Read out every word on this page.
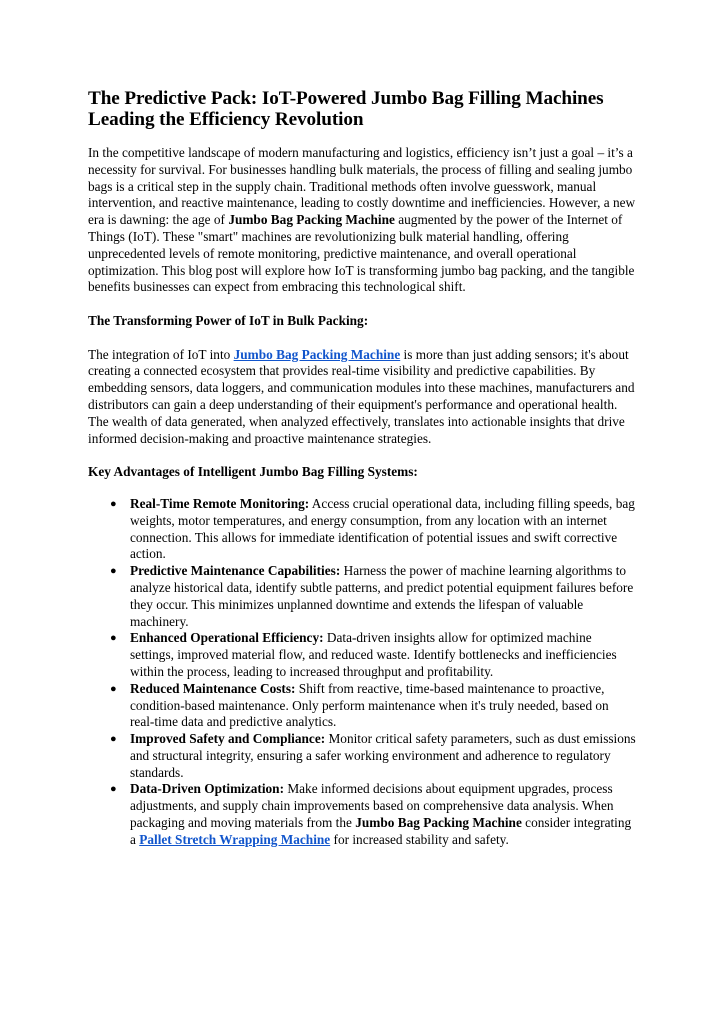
The Predictive Pack: IoT-Powered Jumbo Bag Filling Machines Leading the Efficiency Revolution

In the competitive landscape of modern manufacturing and logistics, efficiency isn’t just a goal – it’s a necessity for survival. For businesses handling bulk materials, the process of filling and sealing jumbo bags is a critical step in the supply chain. Traditional methods often involve guesswork, manual intervention, and reactive maintenance, leading to costly downtime and inefficiencies. However, a new era is dawning: the age of Jumbo Bag Packing Machine augmented by the power of the Internet of Things (IoT). These "smart" machines are revolutionizing bulk material handling, offering unprecedented levels of remote monitoring, predictive maintenance, and overall operational optimization. This blog post will explore how IoT is transforming jumbo bag packing, and the tangible benefits businesses can expect from embracing this technological shift.

The Transforming Power of IoT in Bulk Packing:

The integration of IoT into Jumbo Bag Packing Machine is more than just adding sensors; it's about creating a connected ecosystem that provides real-time visibility and predictive capabilities. By embedding sensors, data loggers, and communication modules into these machines, manufacturers and distributors can gain a deep understanding of their equipment's performance and operational health. The wealth of data generated, when analyzed effectively, translates into actionable insights that drive informed decision-making and proactive maintenance strategies.

Key Advantages of Intelligent Jumbo Bag Filling Systems:

● Real-Time Remote Monitoring: Access crucial operational data, including filling speeds, bag weights, motor temperatures, and energy consumption, from any location with an internet connection. This allows for immediate identification of potential issues and swift corrective action.
● Predictive Maintenance Capabilities: Harness the power of machine learning algorithms to analyze historical data, identify subtle patterns, and predict potential equipment failures before they occur. This minimizes unplanned downtime and extends the lifespan of valuable machinery.
● Enhanced Operational Efficiency: Data-driven insights allow for optimized machine settings, improved material flow, and reduced waste. Identify bottlenecks and inefficiencies within the process, leading to increased throughput and profitability.
● Reduced Maintenance Costs: Shift from reactive, time-based maintenance to proactive, condition-based maintenance. Only perform maintenance when it's truly needed, based on real-time data and predictive analytics.
● Improved Safety and Compliance: Monitor critical safety parameters, such as dust emissions and structural integrity, ensuring a safer working environment and adherence to regulatory standards.
● Data-Driven Optimization: Make informed decisions about equipment upgrades, process adjustments, and supply chain improvements based on comprehensive data analysis. When packaging and moving materials from the Jumbo Bag Packing Machine consider integrating a Pallet Stretch Wrapping Machine for increased stability and safety.
